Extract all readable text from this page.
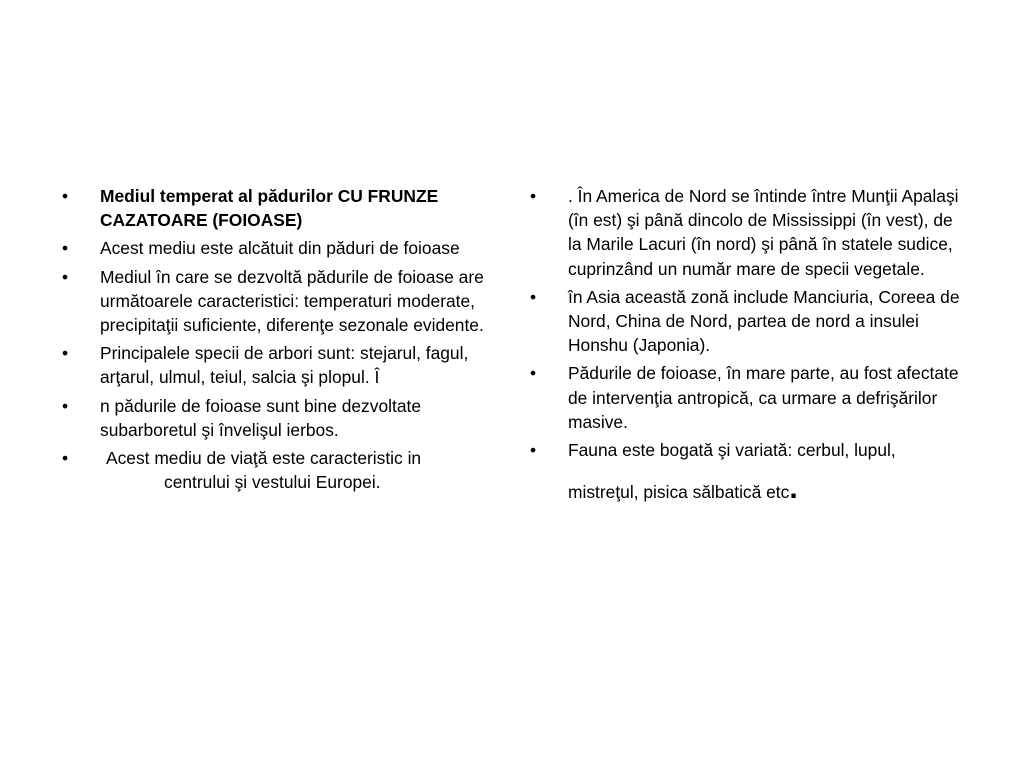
• Mediul temperat al pădurilor CU FRUNZE CAZATOARE (FOIOASE)
• Acest mediu este alcătuit din păduri de foioase
• Mediul în care se dezvoltă pădurile de foioase are următoarele caracteristici: temperaturi moderate, precipitaţii suficiente, diferenţe sezonale evidente.
• Principalele specii de arbori sunt: stejarul, fagul, arţarul, ulmul, teiul, salcia şi plopul. Î
• n pădurile de foioase sunt bine dezvoltate subarboretul şi învelişul ierbos.
•	Acest mediu de viaţă este caracteristic in
centrului şi vestului Europei.
• . În America de Nord se întinde între Munţii Apalaşi (în est) şi până dincolo de Mississippi (în vest), de la Marile Lacuri (în nord) şi până în statele sudice, cuprinzând un număr mare de specii vegetale.
• în Asia această zonă include Manciuria, Coreea de Nord, China de Nord, partea de nord a insulei Honshu (Japonia).
• Pădurile de foioase, în mare parte, au fost afectate de intervenţia antropică, ca urmare a defrişărilor masive.
• Fauna este bogată şi variată: cerbul, lupul,
mistreţul, pisica sălbatică etc.
